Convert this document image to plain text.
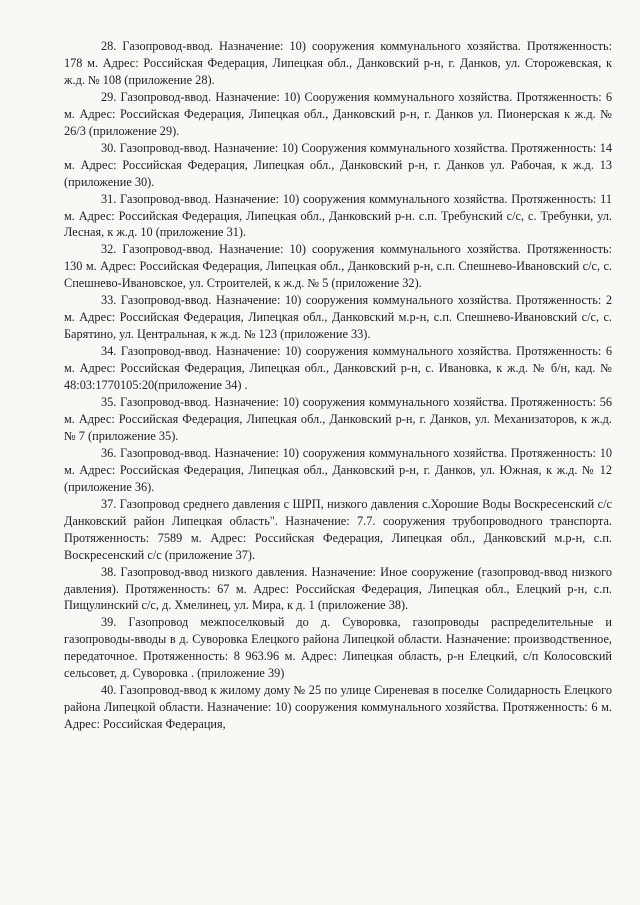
28. Газопровод-ввод. Назначение: 10) сооружения коммунального хозяйства. Протяженность: 178 м. Адрес: Российская Федерация, Липецкая обл., Данковский р-н, г. Данков, ул. Сторожевская, к ж.д. № 108 (приложение 28).

29. Газопровод-ввод. Назначение: 10) Сооружения коммунального хозяйства. Протяженность: 6 м. Адрес: Российская Федерация, Липецкая обл., Данковский р-н, г. Данков ул. Пионерская к ж.д. № 26/3 (приложение 29).

30. Газопровод-ввод. Назначение: 10) Сооружения коммунального хозяйства. Протяженность: 14 м. Адрес: Российская Федерация, Липецкая обл., Данковский р-н, г. Данков ул. Рабочая, к ж.д. 13 (приложение 30).

31. Газопровод-ввод. Назначение: 10) сооружения коммунального хозяйства. Протяженность: 11 м. Адрес: Российская Федерация, Липецкая обл., Данковский р-н. с.п. Требунский с/с, с. Требунки, ул. Лесная, к ж.д. 10 (приложение 31).

32. Газопровод-ввод. Назначение: 10) сооружения коммунального хозяйства. Протяженность: 130 м. Адрес: Российская Федерация, Липецкая обл., Данковский р-н, с.п. Спешнево-Ивановский с/с, с. Спешнево-Ивановское, ул. Строителей, к ж.д. № 5 (приложение 32).

33. Газопровод-ввод. Назначение: 10) сооружения коммунального хозяйства. Протяженность: 2 м. Адрес: Российская Федерация, Липецкая обл., Данковский м.р-н, с.п. Спешнево-Ивановский с/с, с. Барятино, ул. Центральная, к ж.д. № 123 (приложение 33).

34. Газопровод-ввод. Назначение: 10) сооружения коммунального хозяйства. Протяженность: 6 м. Адрес: Российская Федерация, Липецкая обл., Данковский р-н, с. Ивановка, к ж.д. № б/н, кад. № 48:03:1770105:20(приложение 34) .

35. Газопровод-ввод. Назначение: 10) сооружения коммунального хозяйства. Протяженность: 56 м. Адрес: Российская Федерация, Липецкая обл., Данковский р-н, г. Данков, ул. Механизаторов, к ж.д. № 7 (приложение 35).

36. Газопровод-ввод. Назначение: 10) сооружения коммунального хозяйства. Протяженность: 10 м. Адрес: Российская Федерация, Липецкая обл., Данковский р-н, г. Данков, ул. Южная, к ж.д. № 12 (приложение 36).

37. Газопровод среднего давления с ШРП, низкого давления с.Хорошие Воды Воскресенский с/с Данковский район Липецкая область". Назначение: 7.7. сооружения трубопроводного транспорта. Протяженность: 7589 м. Адрес: Российская Федерация, Липецкая обл., Данковский м.р-н, с.п. Воскресенский с/с (приложение 37).

38. Газопровод-ввод низкого давления. Назначение: Иное сооружение (газопровод-ввод низкого давления). Протяженность: 67 м. Адрес: Российская Федерация, Липецкая обл., Елецкий р-н, с.п. Пищулинский с/с, д. Хмелинец, ул. Мира, к д. 1 (приложение 38).

39. Газопровод межпоселковый до д. Суворовка, газопроводы распределительные и газопроводы-вводы в д. Суворовка Елецкого района Липецкой области. Назначение: производственное, передаточное. Протяженность: 8 963.96 м. Адрес: Липецкая область, р-н Елецкий, с/п Колосовский сельсовет, д. Суворовка . (приложение 39)

40. Газопровод-ввод к жилому дому № 25 по улице Сиреневая в поселке Солидарность Елецкого района Липецкой области. Назначение: 10) сооружения коммунального хозяйства. Протяженность: 6 м. Адрес: Российская Федерация,
